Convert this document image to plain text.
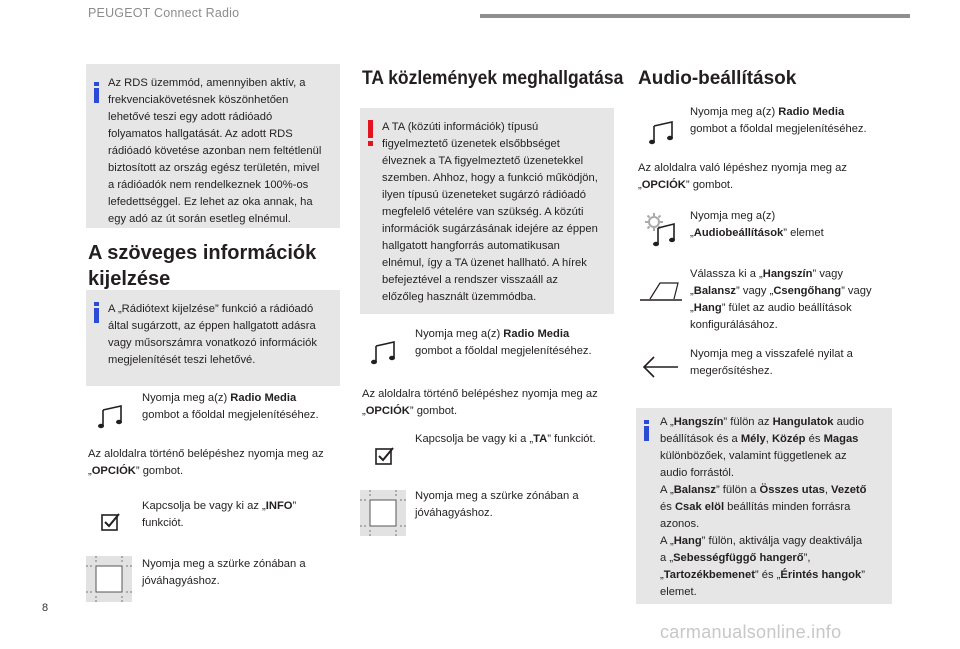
PEUGEOT Connect Radio

Az RDS üzemmód, amennyiben aktív, a frekvenciakövetésnek köszönhetően lehetővé teszi egy adott rádióadó folyamatos hallgatását. Az adott RDS rádióadó követése azonban nem feltétlenül biztosított az ország egész területén, mivel a rádióadók nem rendelkeznek 100%-os lefedettséggel. Ez lehet az oka annak, ha egy adó az út során esetleg elnémul.

A szöveges információk
kijelzése

A „Rádiótext kijelzése” funkció a rádióadó által sugárzott, az éppen hallgatott adásra vagy műsorszámra vonatkozó információk megjelenítését teszi lehetővé.

Nyomja meg a(z) Radio Media
gombot a főoldal megjelenítéséhez.

Az aloldalra történő belépéshez nyomja meg az „OPCIÓK” gombot.

Kapcsolja be vagy ki az „INFO”
funkciót.

Nyomja meg a szürke zónában a
jóváhagyáshoz.

TA közlemények meghallgatása

A TA (közúti információk) típusú figyelmeztető üzenetek elsőbbséget élveznek a TA figyelmeztető üzenetekkel szemben. Ahhoz, hogy a funkció működjön, ilyen típusú üzeneteket sugárzó rádióadó megfelelő vételére van szükség. A közúti információk sugárzásának idejére az éppen hallgatott hangforrás automatikusan elnémul, így a TA üzenet hallható. A hírek befejeztével a rendszer visszaáll az előzőleg használt üzemmódba.

Nyomja meg a(z) Radio Media
gombot a főoldal megjelenítéséhez.

Az aloldalra történő belépéshez nyomja meg az „OPCIÓK” gombot.

Kapcsolja be vagy ki a „TA” funkciót.

Nyomja meg a szürke zónában a
jóváhagyáshoz.

Audio-beállítások

Nyomja meg a(z) Radio Media
gombot a főoldal megjelenítéséhez.

Az aloldalra való lépéshez nyomja meg az „OPCIÓK” gombot.

Nyomja meg a(z)
„Audiobeállítások” elemet

Válassza ki a „Hangszín” vagy
„Balansz” vagy „Csengőhang” vagy
„Hang” fület az audio beállítások
konfigurálásához.

Nyomja meg a visszafelé nyilat a
megerősítéshez.

A „Hangszín” fülön az Hangulatok audio
beállítások és a Mély, Közép és Magas
különbözőek, valamint függetlenek az
audio forrástól.
A „Balansz” fülön a Összes utas, Vezető
és Csak elöl beállítás minden forrásra
azonos.
A „Hang” fülön, aktiválja vagy deaktiválja
a „Sebességfüggő hangerő”,
„Tartozékbemenet” és „Érintés hangok”
elemet.

8
carmanualsonline.info
